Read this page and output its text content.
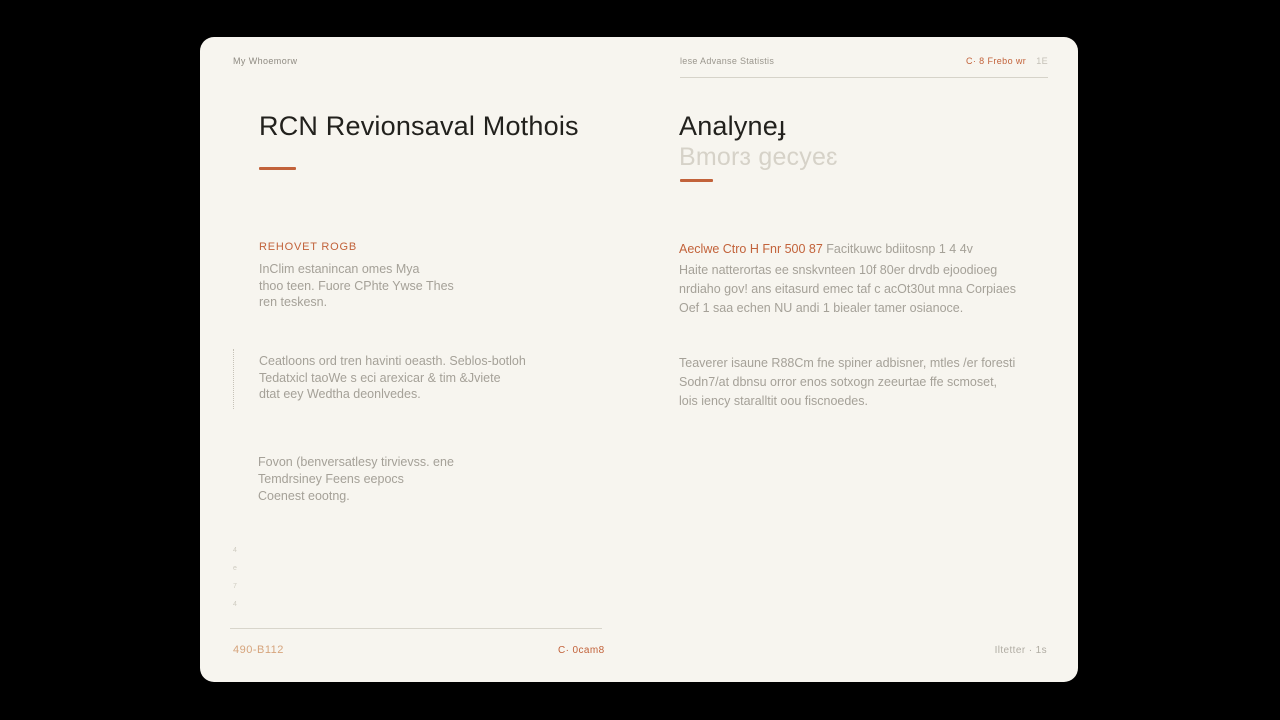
My Whoemorw	lese Advanse Statistis	C· 8 Frebo wr 1E
RCN Revionsaval Mothois
REHOVET ROGB
InClim estanincan omes Mya
thoo teen. Fuore CPhte Ywse Thes
ren teskesn.
Ceatloons ord tren havinti oeasth. Seblos-botloh
Tedatxicl taoWe s eci arexicar & tim &Jviete
dtat eey Wedtha deonlvedes.
Fovon (benversatlesy tirvievss. ene
Temdrsiney Feens eepocs
Coenest eootng.
4
e
7
4
Analyneɟ
Bmorɜ gecyeɛ
Aeclwe Ctro H Fnr 500 87 Facitkuwc bdiitosnp 1 4 4v
Haite natterortas ee snskvnteen 10f 80er drvdb ejoodioeg
nrdiaho gov! ans eitasurd emec taf c acOt30ut mna Corpiaes
Oef 1 saa echen NU andi 1 biealer tamer osianoce.
Teaverer isaune R88Cm fne spiner adbisner, mtles /er foresti
Sodn7/at dbnsu orror enos sotxogn zeeurtae ffe scmoset,
lois iency staralltit oou fiscnoedes.
490-B112	C· 0cam8	Iltetter · 1s
